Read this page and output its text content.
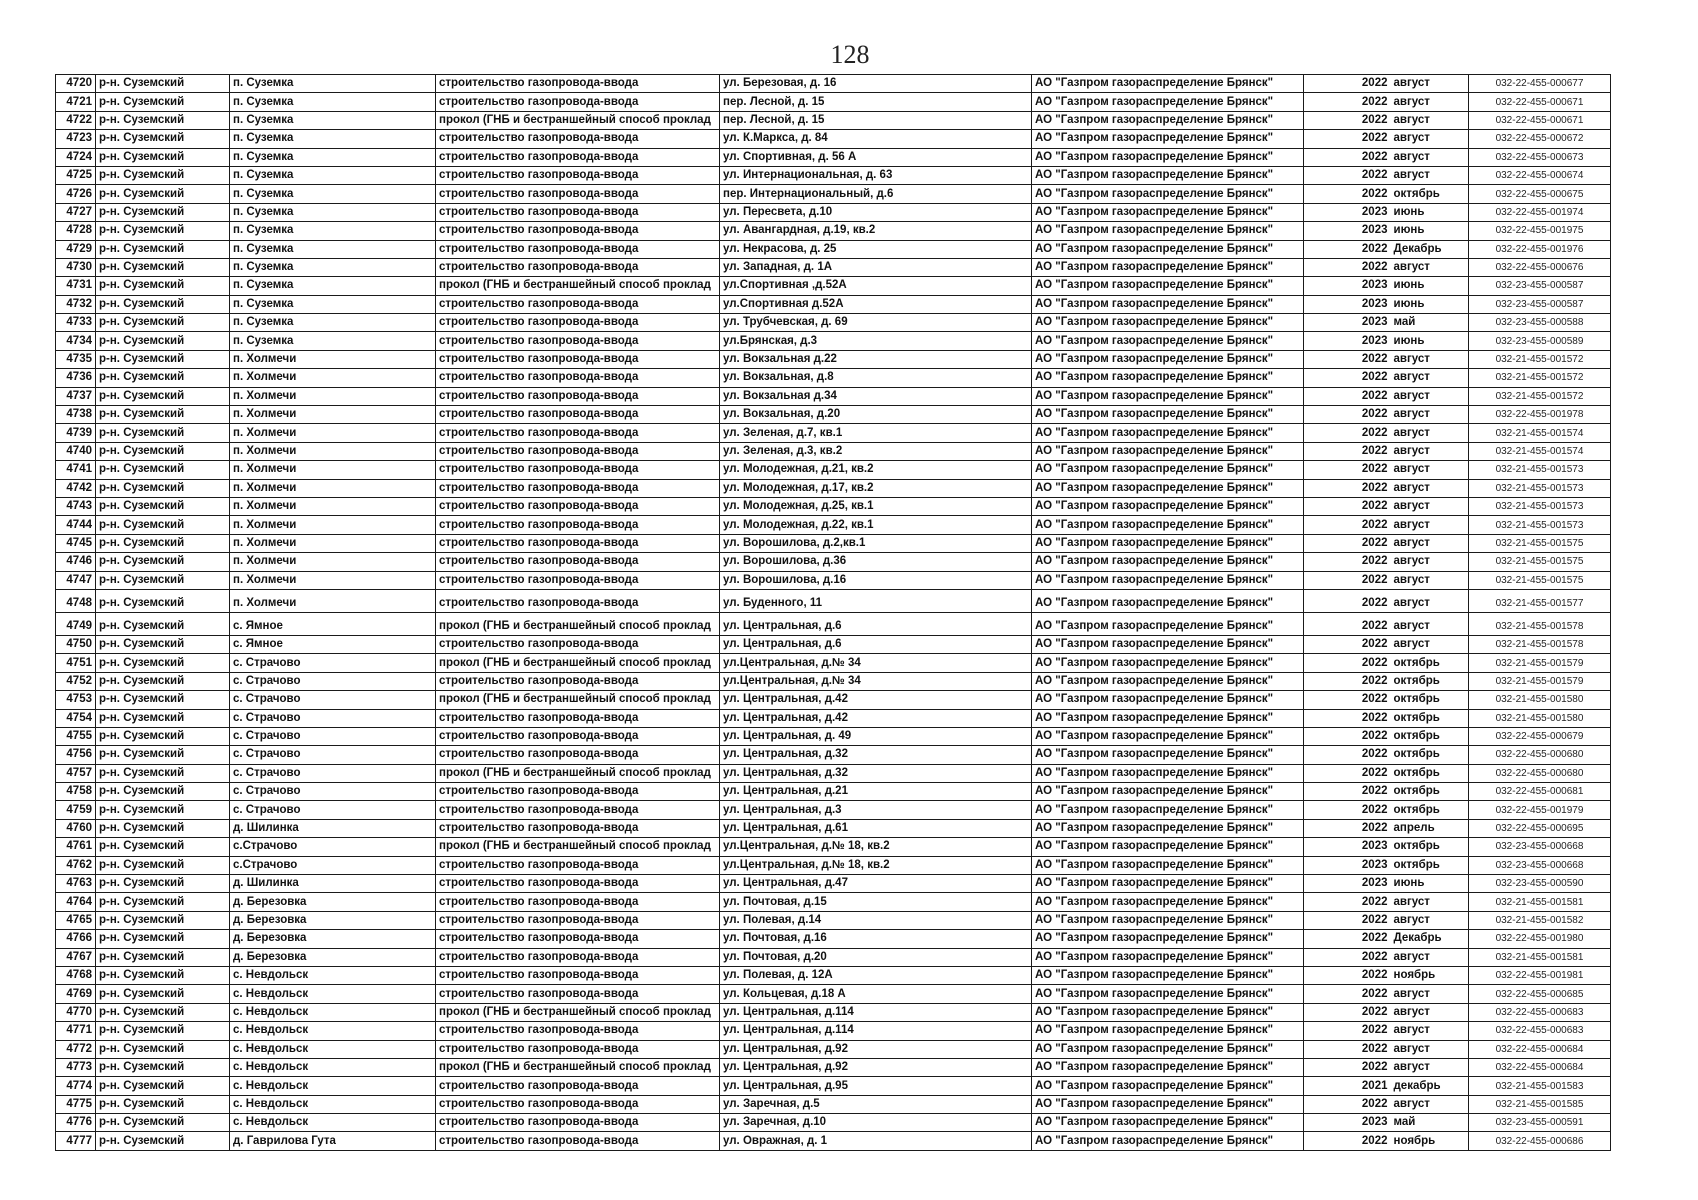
128
4720	р-н. Суземский	п. Суземка	строительство газопровода-ввода	ул. Березовая, д. 16	АО "Газпром газораспределение Брянск"	2022	август	032-22-455-000677
4721	р-н. Суземский	п. Суземка	строительство газопровода-ввода	пер. Лесной, д. 15	АО "Газпром газораспределение Брянск"	2022	август	032-22-455-000671
4722	р-н. Суземский	п. Суземка	прокол (ГНБ и бестраншейный способ проклад	пер. Лесной, д. 15	АО "Газпром газораспределение Брянск"	2022	август	032-22-455-000671
4723	р-н. Суземский	п. Суземка	строительство газопровода-ввода	ул. К.Маркса, д. 84	АО "Газпром газораспределение Брянск"	2022	август	032-22-455-000672
4724	р-н. Суземский	п. Суземка	строительство газопровода-ввода	ул. Спортивная, д. 56 А	АО "Газпром газораспределение Брянск"	2022	август	032-22-455-000673
4725	р-н. Суземский	п. Суземка	строительство газопровода-ввода	ул. Интернациональная, д. 63	АО "Газпром газораспределение Брянск"	2022	август	032-22-455-000674
4726	р-н. Суземский	п. Суземка	строительство газопровода-ввода	пер. Интернациональный, д.6	АО "Газпром газораспределение Брянск"	2022	октябрь	032-22-455-000675
4727	р-н. Суземский	п. Суземка	строительство газопровода-ввода	ул. Пересвета, д.10	АО "Газпром газораспределение Брянск"	2023	июнь	032-22-455-001974
4728	р-н. Суземский	п. Суземка	строительство газопровода-ввода	ул. Авангардная, д.19, кв.2	АО "Газпром газораспределение Брянск"	2023	июнь	032-22-455-001975
4729	р-н. Суземский	п. Суземка	строительство газопровода-ввода	ул. Некрасова, д. 25	АО "Газпром газораспределение Брянск"	2022	Декабрь	032-22-455-001976
4730	р-н. Суземский	п. Суземка	строительство газопровода-ввода	ул. Западная, д. 1А	АО "Газпром газораспределение Брянск"	2022	август	032-22-455-000676
4731	р-н. Суземский	п. Суземка	прокол (ГНБ и бестраншейный способ проклад	ул.Спортивная ,д.52А	АО "Газпром газораспределение Брянск"	2023	июнь	032-23-455-000587
4732	р-н. Суземский	п. Суземка	строительство газопровода-ввода	ул.Спортивная д.52А	АО "Газпром газораспределение Брянск"	2023	июнь	032-23-455-000587
4733	р-н. Суземский	п. Суземка	строительство газопровода-ввода	ул. Трубчевская, д. 69	АО "Газпром газораспределение Брянск"	2023	май	032-23-455-000588
4734	р-н. Суземский	п. Суземка	строительство газопровода-ввода	ул.Брянская, д.3	АО "Газпром газораспределение Брянск"	2023	июнь	032-23-455-000589
4735	р-н. Суземский	п. Холмечи	строительство газопровода-ввода	ул. Вокзальная д.22	АО "Газпром газораспределение Брянск"	2022	август	032-21-455-001572
4736	р-н. Суземский	п. Холмечи	строительство газопровода-ввода	ул. Вокзальная, д.8	АО "Газпром газораспределение Брянск"	2022	август	032-21-455-001572
4737	р-н. Суземский	п. Холмечи	строительство газопровода-ввода	ул. Вокзальная д.34	АО "Газпром газораспределение Брянск"	2022	август	032-21-455-001572
4738	р-н. Суземский	п. Холмечи	строительство газопровода-ввода	ул. Вокзальная, д.20	АО "Газпром газораспределение Брянск"	2022	август	032-22-455-001978
4739	р-н. Суземский	п. Холмечи	строительство газопровода-ввода	ул. Зеленая, д.7, кв.1	АО "Газпром газораспределение Брянск"	2022	август	032-21-455-001574
4740	р-н. Суземский	п. Холмечи	строительство газопровода-ввода	ул. Зеленая, д.3, кв.2	АО "Газпром газораспределение Брянск"	2022	август	032-21-455-001574
4741	р-н. Суземский	п. Холмечи	строительство газопровода-ввода	ул. Молодежная, д.21, кв.2	АО "Газпром газораспределение Брянск"	2022	август	032-21-455-001573
4742	р-н. Суземский	п. Холмечи	строительство газопровода-ввода	ул. Молодежная, д.17, кв.2	АО "Газпром газораспределение Брянск"	2022	август	032-21-455-001573
4743	р-н. Суземский	п. Холмечи	строительство газопровода-ввода	ул. Молодежная, д.25, кв.1	АО "Газпром газораспределение Брянск"	2022	август	032-21-455-001573
4744	р-н. Суземский	п. Холмечи	строительство газопровода-ввода	ул. Молодежная, д.22, кв.1	АО "Газпром газораспределение Брянск"	2022	август	032-21-455-001573
4745	р-н. Суземский	п. Холмечи	строительство газопровода-ввода	ул. Ворошилова, д.2,кв.1	АО "Газпром газораспределение Брянск"	2022	август	032-21-455-001575
4746	р-н. Суземский	п. Холмечи	строительство газопровода-ввода	ул. Ворошилова, д.36	АО "Газпром газораспределение Брянск"	2022	август	032-21-455-001575
4747	р-н. Суземский	п. Холмечи	строительство газопровода-ввода	ул. Ворошилова, д.16	АО "Газпром газораспределение Брянск"	2022	август	032-21-455-001575
4748	р-н. Суземский	п. Холмечи	строительство газопровода-ввода	ул. Буденного, 11	АО "Газпром газораспределение Брянск"	2022	август	032-21-455-001577
4749	р-н. Суземский	с. Ямное	прокол (ГНБ и бестраншейный способ проклад	ул. Центральная, д.6	АО "Газпром газораспределение Брянск"	2022	август	032-21-455-001578
4750	р-н. Суземский	с. Ямное	строительство газопровода-ввода	ул. Центральная, д.6	АО "Газпром газораспределение Брянск"	2022	август	032-21-455-001578
4751	р-н. Суземский	с. Страчово	прокол (ГНБ и бестраншейный способ проклад	ул.Центральная, д.№ 34	АО "Газпром газораспределение Брянск"	2022	октябрь	032-21-455-001579
4752	р-н. Суземский	с. Страчово	строительство газопровода-ввода	ул.Центральная, д.№ 34	АО "Газпром газораспределение Брянск"	2022	октябрь	032-21-455-001579
4753	р-н. Суземский	с. Страчово	прокол (ГНБ и бестраншейный способ проклад	ул. Центральная, д.42	АО "Газпром газораспределение Брянск"	2022	октябрь	032-21-455-001580
4754	р-н. Суземский	с. Страчово	строительство газопровода-ввода	ул. Центральная, д.42	АО "Газпром газораспределение Брянск"	2022	октябрь	032-21-455-001580
4755	р-н. Суземский	с. Страчово	строительство газопровода-ввода	ул. Центральная, д. 49	АО "Газпром газораспределение Брянск"	2022	октябрь	032-22-455-000679
4756	р-н. Суземский	с. Страчово	строительство газопровода-ввода	ул. Центральная, д.32	АО "Газпром газораспределение Брянск"	2022	октябрь	032-22-455-000680
4757	р-н. Суземский	с. Страчово	прокол (ГНБ и бестраншейный способ проклад	ул. Центральная, д.32	АО "Газпром газораспределение Брянск"	2022	октябрь	032-22-455-000680
4758	р-н. Суземский	с. Страчово	строительство газопровода-ввода	ул. Центральная, д.21	АО "Газпром газораспределение Брянск"	2022	октябрь	032-22-455-000681
4759	р-н. Суземский	с. Страчово	строительство газопровода-ввода	ул. Центральная, д.3	АО "Газпром газораспределение Брянск"	2022	октябрь	032-22-455-001979
4760	р-н. Суземский	д. Шилинка	строительство газопровода-ввода	ул. Центральная, д.61	АО "Газпром газораспределение Брянск"	2022	апрель	032-22-455-000695
4761	р-н. Суземский	с.Страчово	прокол (ГНБ и бестраншейный способ проклад	ул.Центральная, д.№ 18, кв.2	АО "Газпром газораспределение Брянск"	2023	октябрь	032-23-455-000668
4762	р-н. Суземский	с.Страчово	строительство газопровода-ввода	ул.Центральная, д.№ 18, кв.2	АО "Газпром газораспределение Брянск"	2023	октябрь	032-23-455-000668
4763	р-н. Суземский	д. Шилинка	строительство газопровода-ввода	ул. Центральная, д.47	АО "Газпром газораспределение Брянск"	2023	июнь	032-23-455-000590
4764	р-н. Суземский	д. Березовка	строительство газопровода-ввода	ул. Почтовая, д.15	АО "Газпром газораспределение Брянск"	2022	август	032-21-455-001581
4765	р-н. Суземский	д. Березовка	строительство газопровода-ввода	ул. Полевая, д.14	АО "Газпром газораспределение Брянск"	2022	август	032-21-455-001582
4766	р-н. Суземский	д. Березовка	строительство газопровода-ввода	ул. Почтовая, д.16	АО "Газпром газораспределение Брянск"	2022	Декабрь	032-22-455-001980
4767	р-н. Суземский	д. Березовка	строительство газопровода-ввода	ул. Почтовая, д.20	АО "Газпром газораспределение Брянск"	2022	август	032-21-455-001581
4768	р-н. Суземский	с. Невдольск	строительство газопровода-ввода	ул. Полевая, д. 12А	АО "Газпром газораспределение Брянск"	2022	ноябрь	032-22-455-001981
4769	р-н. Суземский	с. Невдольск	строительство газопровода-ввода	ул. Кольцевая, д.18 А	АО "Газпром газораспределение Брянск"	2022	август	032-22-455-000685
4770	р-н. Суземский	с. Невдольск	прокол (ГНБ и бестраншейный способ проклад	ул. Центральная, д.114	АО "Газпром газораспределение Брянск"	2022	август	032-22-455-000683
4771	р-н. Суземский	с. Невдольск	строительство газопровода-ввода	ул. Центральная, д.114	АО "Газпром газораспределение Брянск"	2022	август	032-22-455-000683
4772	р-н. Суземский	с. Невдольск	строительство газопровода-ввода	ул. Центральная, д.92	АО "Газпром газораспределение Брянск"	2022	август	032-22-455-000684
4773	р-н. Суземский	с. Невдольск	прокол (ГНБ и бестраншейный способ проклад	ул. Центральная, д.92	АО "Газпром газораспределение Брянск"	2022	август	032-22-455-000684
4774	р-н. Суземский	с. Невдольск	строительство газопровода-ввода	ул. Центральная, д.95	АО "Газпром газораспределение Брянск"	2021	декабрь	032-21-455-001583
4775	р-н. Суземский	с. Невдольск	строительство газопровода-ввода	ул. Заречная, д.5	АО "Газпром газораспределение Брянск"	2022	август	032-21-455-001585
4776	р-н. Суземский	с. Невдольск	строительство газопровода-ввода	ул. Заречная, д.10	АО "Газпром газораспределение Брянск"	2023	май	032-23-455-000591
4777	р-н. Суземский	д. Гаврилова Гута	строительство газопровода-ввода	ул. Овражная, д. 1	АО "Газпром газораспределение Брянск"	2022	ноябрь	032-22-455-000686
